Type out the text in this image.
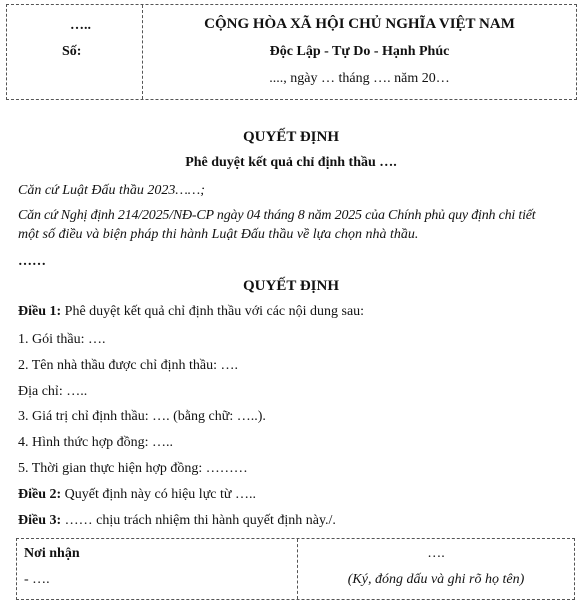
…..
Số:
CỘNG HÒA XÃ HỘI CHỦ NGHĨA VIỆT NAM
Độc Lập - Tự Do - Hạnh Phúc
...., ngày … tháng …. năm 20…
QUYẾT ĐỊNH
Phê duyệt kết quả chỉ định thầu ….
Căn cứ Luật Đấu thầu 2023……;
Căn cứ Nghị định 214/2025/NĐ-CP ngày 04 tháng 8 năm 2025 của Chính phủ quy định chi tiết
một số điều và biện pháp thi hành Luật Đấu thầu về lựa chọn nhà thầu.
……
QUYẾT ĐỊNH
Điều 1: Phê duyệt kết quả chỉ định thầu với các nội dung sau:
1. Gói thầu: ….
2. Tên nhà thầu được chỉ định thầu: ….
Địa chỉ: …..
3. Giá trị chỉ định thầu: …. (bằng chữ: …..).
4. Hình thức hợp đồng: …..
5. Thời gian thực hiện hợp đồng: ………
Điều 2: Quyết định này có hiệu lực từ …..
Điều 3: …… chịu trách nhiệm thi hành quyết định này./.
Nơi nhận
- ….
….
(Ký, đóng dấu và ghi rõ họ tên)
